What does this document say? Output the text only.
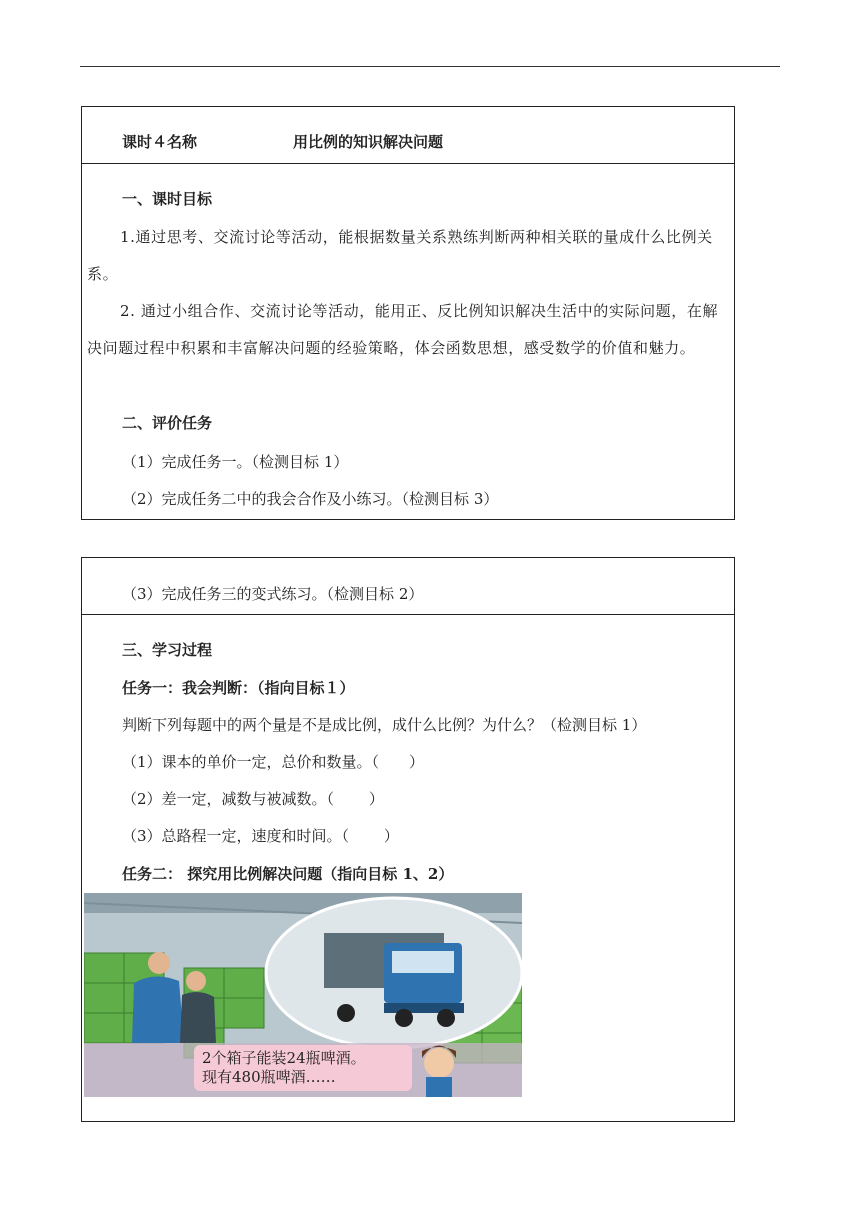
课时４名称	用比例的知识解决问题
一、课时目标
1.通过思考、交流讨论等活动，能根据数量关系熟练判断两种相关联的量成什么比例关系。
2. 通过小组合作、交流讨论等活动，能用正、反比例知识解决生活中的实际问题，在解决问题过程中积累和丰富解决问题的经验策略，体会函数思想，感受数学的价值和魅力。
二、评价任务
（1）完成任务一。（检测目标 1）
（2）完成任务二中的我会合作及小练习。（检测目标 3）
（3）完成任务三的变式练习。（检测目标 2）
三、学习过程
任务一：我会判断：（指向目标１）
判断下列每题中的两个量是不是成比例，成什么比例？为什么？（检测目标 1）
（1）课本的单价一定，总价和数量。（　　）
（2）差一定，减数与被减数。（　　 ）
（3）总路程一定，速度和时间。（　　 ）
任务二： 探究用比例解决问题（指向目标 1、2）
2个箱子能装24瓶啤酒。
现有480瓶啤酒……
